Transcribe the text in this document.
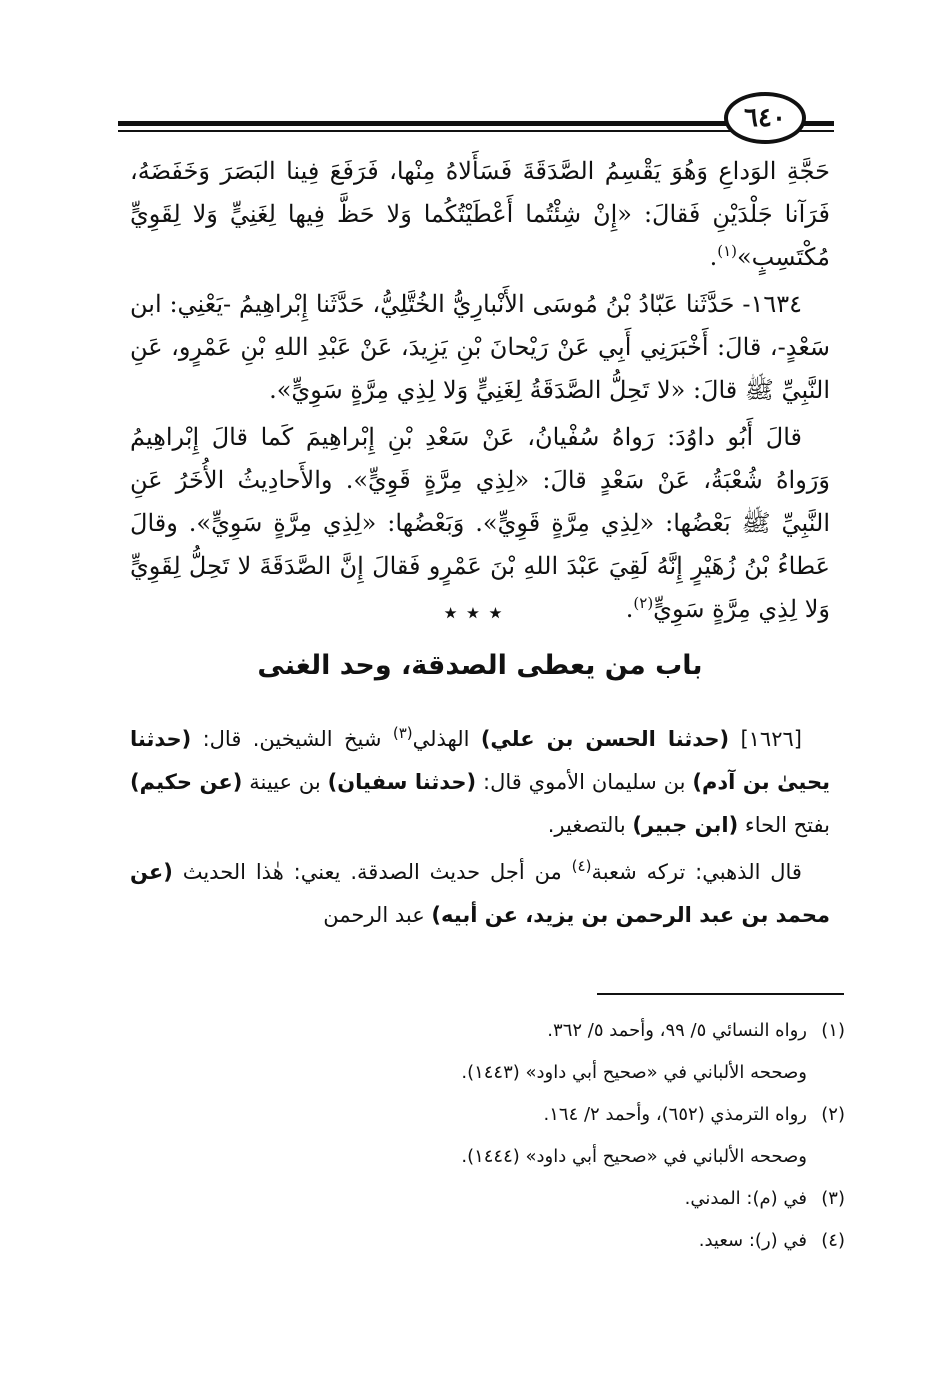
٦٤٠

حَجَّةِ الوَداعِ وَهُوَ يَقْسِمُ الصَّدَقَةَ فَسَأَلاهُ مِنْها، فَرَفَعَ فِينا البَصَرَ وَخَفَضَهُ، فَرَآنا جَلْدَيْنِ فَقالَ: «إِنْ شِئْتُما أَعْطَيْتُكُما وَلا حَظَّ فِيها لِغَنِيٍّ وَلا لِقَوِيٍّ مُكْتَسِبٍ»$^{(١)}$.

١٦٣٤- حَدَّثَنا عَبّادُ بْنُ مُوسَى الأَنْبارِيُّ الخُتَّلِيُّ، حَدَّثَنا إِبْراهِيمُ -يَعْنِي: ابن سَعْدٍ-، قالَ: أَخْبَرَنِي أَبِي عَنْ رَيْحانَ بْنِ يَزِيدَ، عَنْ عَبْدِ اللهِ بْنِ عَمْرٍو، عَنِ النَّبِيِّ ﷺ قالَ: «لا تَحِلُّ الصَّدَقَةُ لِغَنِيٍّ وَلا لِذِي مِرَّةٍ سَوِيٍّ».

قالَ أَبُو داوُدَ: رَواهُ سُفْيانُ، عَنْ سَعْدِ بْنِ إِبْراهِيمَ كَما قالَ إِبْراهِيمُ وَرَواهُ شُعْبَةُ، عَنْ سَعْدٍ قالَ: «لِذِي مِرَّةٍ قَوِيٍّ». والأَحادِيثُ الأُخَرُ عَنِ النَّبِيِّ ﷺ بَعْضُها: «لِذِي مِرَّةٍ قَوِيٍّ». وَبَعْضُها: «لِذِي مِرَّةٍ سَوِيٍّ». وقالَ عَطاءُ بْنُ زُهَيْرٍ إِنَّهُ لَقِيَ عَبْدَ اللهِ بْنَ عَمْرٍو فَقالَ إِنَّ الصَّدَقَةَ لا تَحِلُّ لِقَوِيٍّ وَلا لِذِي مِرَّةٍ سَوِيٍّ$^{(٢)}$.

٭ ٭ ٭
باب من يعطى الصدقة، وحد الغنى

[١٦٢٦] (حدثنا الحسن بن علي) الهذلي$^{(٣)}$ شيخ الشيخين. قال: (حدثنا يحيىٰ بن آدم) بن سليمان الأموي قال: (حدثنا سفيان) بن عيينة (عن حكيم) بفتح الحاء (ابن جبير) بالتصغير.

قال الذهبي: تركه شعبة$^{(٤)}$ من أجل حديث الصدقة. يعني: هٰذا الحديث (عن محمد بن عبد الرحمن بن يزيد، عن أبيه) عبد الرحمن

(١)
رواه النسائي ٥/ ٩٩، وأحمد ٥/ ٣٦٢.
وصححه الألباني في «صحيح أبي داود» (١٤٤٣).
(٢)
رواه الترمذي (٦٥٢)، وأحمد ٢/ ١٦٤.
وصححه الألباني في «صحيح أبي داود» (١٤٤٤).
(٣)
في (م): المدني.
(٤)
في (ر): سعيد.
